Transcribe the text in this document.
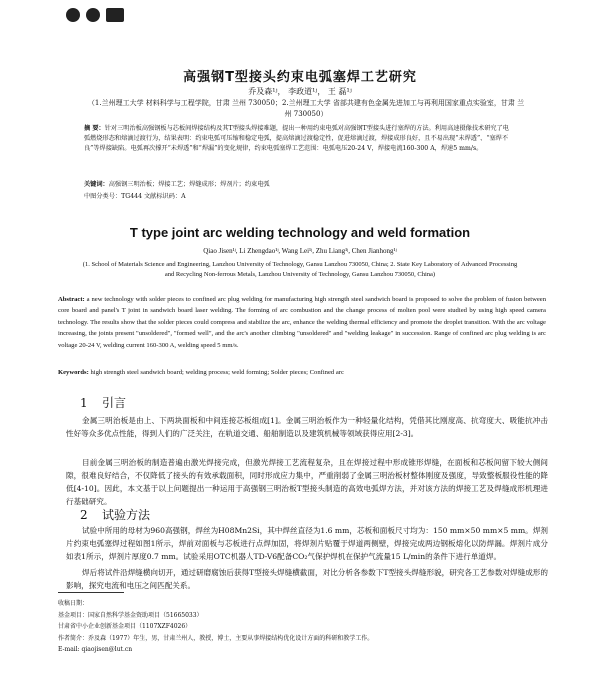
高强钢T型接头约束电弧塞焊工艺研究
乔及森¹ʲ， 李政道¹ʲ， 王 磊¹ʲ
（1.兰州理工大学 材料科学与工程学院，甘肃 兰州 730050；2.兰州理工大学 省部共建有色金属先进加工与再利用国家重点实验室，甘肃 兰州 730050）
摘 要：针对三明治板高强钢板与芯板间焊接结构及其T型接头焊接难题，提出一种用约束电弧对高强钢T型接头进行塞焊的方法。利用高速摄像技术研究了电弧燃烧形态和熔滴过渡行为，结果表明：约束电弧可压缩和稳定电弧，提高熔滴过渡稳定性，促进熔滴过渡，焊接成形良好，且不易出现“未焊透”、“塞焊不良”等焊接缺陷。电弧再次撑开“未焊透”和“焊漏”的变化规律，约束电弧塞焊工艺范围：电弧电压20-24 V，焊接电流160-300 A，焊速5 mm/s。
关键词：高强钢三明治板；焊接工艺；焊缝成形；焊剂片；约束电弧
中图分类号：TG444 文献标识码：A
T type joint arc welding technology and weld formation
Qiao Jisen¹ʲ, Li Zhengdao¹ʲ, Wang Lei¹ʲ, Zhu Liang¹ʲ, Chen Jianhong¹ʲ
(1. School of Materials Science and Engineering, Lanzhou University of Technology, Gansu Lanzhou 730050, China; 2. State Key Laboratory of Advanced Processing and Recycling Non-ferrous Metals, Lanzhou University of Technology, Gansu Lanzhou 730050, China)
Abstract: a new technology with solder pieces to confined arc plug welding for manufacturing high strength steel sandwich board is proposed to solve the problem of fusion between core board and panel's T joint in sandwich board laser welding. The forming of arc combustion and the change process of molten pool were studied by using high speed camera technology. The results show that the solder pieces could compress and stabilize the arc, enhance the welding thermal efficiency and promote the droplet transition. With the arc voltage increasing, the joints present "unsoldered", "formed well", and the arc's another climbing "unsoldered" and "welding leakage" in succession. Range of confined arc plug welding is arc voltage 20-24 V, welding current 160-300 A, welding speed 5 mm/s.
Keywords: high strength steel sandwich board; welding process; weld forming; Solder pieces; Confined arc
1 引言
金属三明治板是由上、下两块面板和中间连接芯板组成[1]。金属三明治板作为一种轻量化结构，凭借其比刚度高、抗弯度大、吸能抗冲击性好等众多优点性能，得到人们的广泛关注，在轨道交通、船舶制造以及建筑机械等领域获得应用[2-3]。
目前金属三明治板的制造普遍由激光焊接完成，但激光焊接工艺流程复杂，且在焊接过程中形成锥形焊缝，在面板和芯板间留下较大侧间隙，很难良好结合，不仅降低了接头的有效承载面积，同时形成应力集中，严重削弱了金属三明治板材整体刚度及强度，导致整板服役性能的降低[4-10]。因此，本文基于以上问题提出一种运用于高强钢三明治板T型接头制造的高效电弧焊方法，并对该方法的焊接工艺及焊缝成形机理进行基础研究。
2 试验方法
试验中所用的母材为960高强钢，焊丝为H08Mn2Si，其中焊丝直径为1.6 mm，芯板和面板尺寸均为：150 mm×50 mm×5 mm。焊剂片约束电弧塞焊过程如图1所示，焊前对面板与芯板进行点焊加固，将焊剂片贴覆于焊道两侧壁，焊接完成两边钢板熔化以防焊漏。焊剂片成分如表1所示，焊剂片厚度0.7 mm。试验采用OTC机器人TD-V6配备CO₂气保护焊机在保护气流量15 L/min的条件下进行单道焊。
焊后将试件沿焊缝横向切开，通过研磨腐蚀后获得T型接头焊缝横截面，对比分析各参数下T型接头焊缝形貌，研究各工艺参数对焊缝成形的影响，探究电流和电压之间匹配关系。
收稿日期：
基金项目：国家自然科学基金资助项目（51665033）
甘肃省中小企业创新基金项目（1107XZF4026）
作者简介：乔及森（1977）年生，男，甘肃兰州人，教授，博士，主要从事焊接结构优化设计方面的科研和教学工作。
E-mail: qiaojisen@lut.cn
